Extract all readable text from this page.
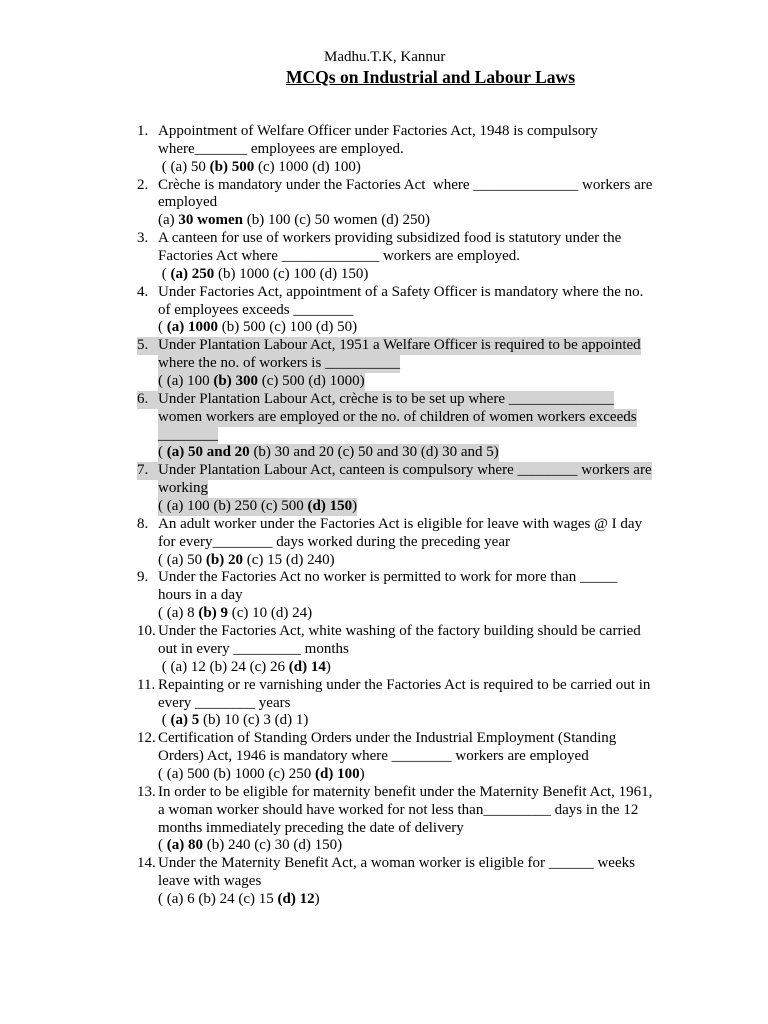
Madhu.T.K, Kannur
MCQs on Industrial and Labour Laws
1. Appointment of Welfare Officer under Factories Act, 1948 is compulsory
where_______ employees are employed.
( (a) 50 (b) 500 (c) 1000 (d) 100)
2. Crèche is mandatory under the Factories Act  where ______________ workers are
employed
(a) 30 women (b) 100 (c) 50 women (d) 250)
3. A canteen for use of workers providing subsidized food is statutory under the
Factories Act where _____________ workers are employed.
( (a) 250 (b) 1000 (c) 100 (d) 150)
4. Under Factories Act, appointment of a Safety Officer is mandatory where the no.
of employees exceeds ________
( (a) 1000 (b) 500 (c) 100 (d) 50)
5. Under Plantation Labour Act, 1951 a Welfare Officer is required to be appointed
where the no. of workers is __________
( (a) 100 (b) 300 (c) 500 (d) 1000)
6. Under Plantation Labour Act, crèche is to be set up where ______________
women workers are employed or the no. of children of women workers exceeds
________
( (a) 50 and 20 (b) 30 and 20 (c) 50 and 30 (d) 30 and 5)
7. Under Plantation Labour Act, canteen is compulsory where ________ workers are
working
( (a) 100 (b) 250 (c) 500 (d) 150)
8. An adult worker under the Factories Act is eligible for leave with wages @ I day
for every________ days worked during the preceding year
( (a) 50 (b) 20 (c) 15 (d) 240)
9. Under the Factories Act no worker is permitted to work for more than _____
hours in a day
( (a) 8 (b) 9 (c) 10 (d) 24)
10. Under the Factories Act, white washing of the factory building should be carried
out in every _________ months
( (a) 12 (b) 24 (c) 26 (d) 14)
11. Repainting or re varnishing under the Factories Act is required to be carried out in
every ________ years
( (a) 5 (b) 10 (c) 3 (d) 1)
12. Certification of Standing Orders under the Industrial Employment (Standing
Orders) Act, 1946 is mandatory where ________ workers are employed
( (a) 500 (b) 1000 (c) 250 (d) 100)
13. In order to be eligible for maternity benefit under the Maternity Benefit Act, 1961,
a woman worker should have worked for not less than_________ days in the 12
months immediately preceding the date of delivery
( (a) 80 (b) 240 (c) 30 (d) 150)
14. Under the Maternity Benefit Act, a woman worker is eligible for ______ weeks
leave with wages
( (a) 6 (b) 24 (c) 15 (d) 12)
